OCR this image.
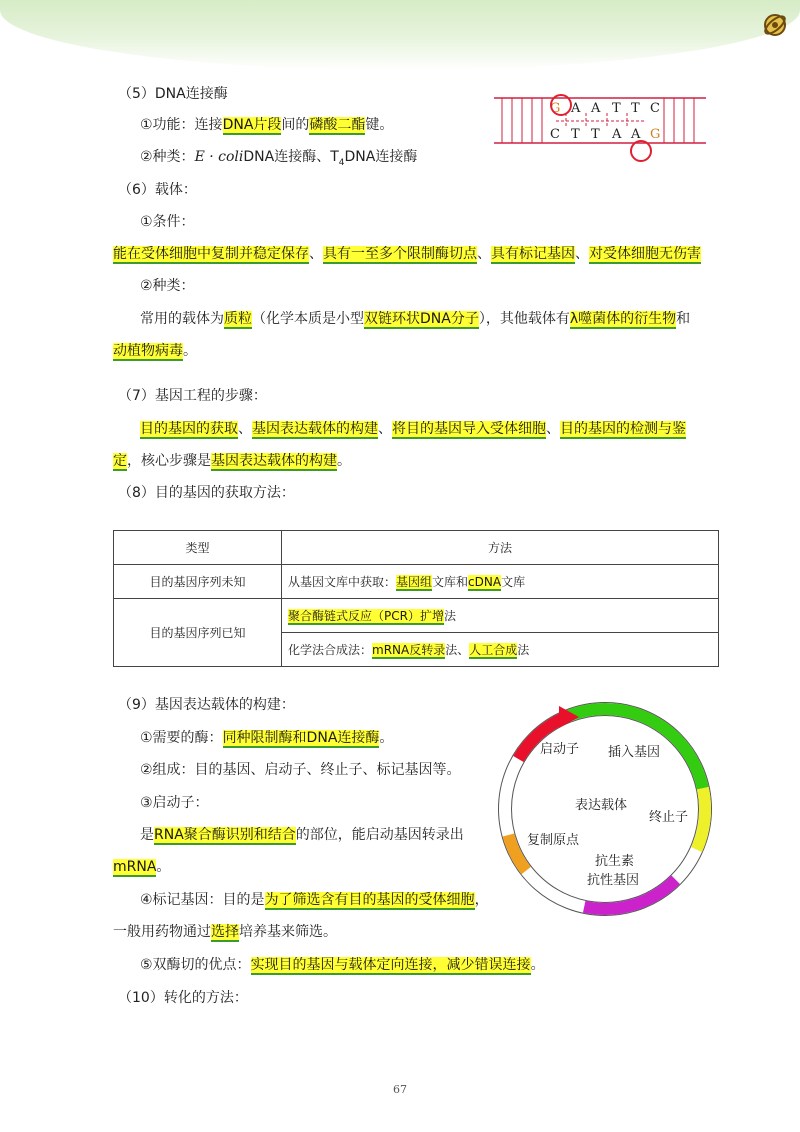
（5）DNA连接酶
①功能：连接DNA片段间的磷酸二酯键。
②种类：E · coliDNA连接酶、$T_4DNA$连接酶
G A A T T C
C T T A A G
（6）载体：
①条件：
能在受体细胞中复制并稳定保存、具有一至多个限制酶切点、具有标记基因、对受体细胞无伤害
②种类：
常用的载体为质粒（化学本质是小型双链环状DNA分子），其他载体有λ噬菌体的衍生物和
动植物病毒。
（7）基因工程的步骤：
目的基因的获取、基因表达载体的构建、将目的基因导入受体细胞、目的基因的检测与鉴
定，核心步骤是基因表达载体的构建。
（8）目的基因的获取方法：
类型	方法
目的基因序列未知	从基因文库中获取：基因组文库和cDNA文库
目的基因序列已知	聚合酶链式反应（PCR）扩增法
	化学法合成法：mRNA反转录法、人工合成法
（9）基因表达载体的构建：
①需要的酶：同种限制酶和DNA连接酶。
②组成：目的基因、启动子、终止子、标记基因等。
③启动子：
是RNA聚合酶识别和结合的部位，能启动基因转录出
mRNA。
④标记基因：目的是为了筛选含有目的基因的受体细胞，
一般用药物通过选择培养基来筛选。
⑤双酶切的优点：实现目的基因与载体定向连接，减少错误连接。
启动子 插入基因
表达载体
终止子
复制原点
抗生素
抗性基因
（10）转化的方法：
67
